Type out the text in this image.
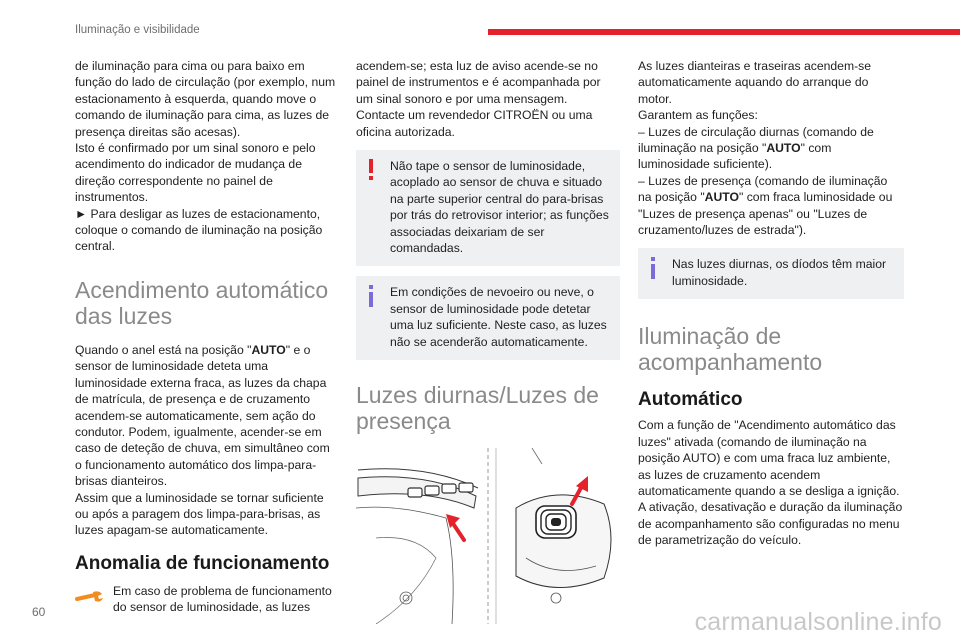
Iluminação e visibilidade

de iluminação para cima ou para baixo em função do lado de circulação (por exemplo, num estacionamento à esquerda, quando move o comando de iluminação para cima, as luzes de presença direitas são acesas).

Isto é confirmado por um sinal sonoro e pelo acendimento do indicador de mudança de direção correspondente no painel de instrumentos.

► Para desligar as luzes de estacionamento, coloque o comando de iluminação na posição central.

Acendimento automático das luzes

Quando o anel está na posição "AUTO" e o sensor de luminosidade deteta uma luminosidade externa fraca, as luzes da chapa de matrícula, de presença e de cruzamento acendem-se automaticamente, sem ação do condutor. Podem, igualmente, acender-se em caso de deteção de chuva, em simultâneo com o funcionamento automático dos limpa-para-brisas dianteiros.

Assim que a luminosidade se tornar suficiente ou após a paragem dos limpa-para-brisas, as luzes apagam-se automaticamente.

Anomalia de funcionamento

Em caso de problema de funcionamento do sensor de luminosidade, as luzes

acendem-se; esta luz de aviso acende-se no painel de instrumentos e é acompanhada por um sinal sonoro e por uma mensagem.

Contacte um revendedor CITROËN ou uma oficina autorizada.

Não tape o sensor de luminosidade, acoplado ao sensor de chuva e situado na parte superior central do para-brisas por trás do retrovisor interior; as funções associadas deixariam de ser comandadas.

Em condições de nevoeiro ou neve, o sensor de luminosidade pode detetar uma luz suficiente. Neste caso, as luzes não se acenderão automaticamente.

Luzes diurnas/Luzes de presença

As luzes dianteiras e traseiras acendem-se automaticamente aquando do arranque do motor.

Garantem as funções:

– Luzes de circulação diurnas (comando de iluminação na posição "AUTO" com luminosidade suficiente).

– Luzes de presença (comando de iluminação na posição "AUTO" com fraca luminosidade ou "Luzes de presença apenas" ou "Luzes de cruzamento/luzes de estrada").

Nas luzes diurnas, os díodos têm maior luminosidade.

Iluminação de acompanhamento
Automático

Com a função de "Acendimento automático das luzes" ativada (comando de iluminação na posição AUTO) e com uma fraca luz ambiente, as luzes de cruzamento acendem automaticamente quando a se desliga a ignição.

A ativação, desativação e duração da iluminação de acompanhamento são configuradas no menu de parametrização do veículo.

60	carmanualsonline.info
